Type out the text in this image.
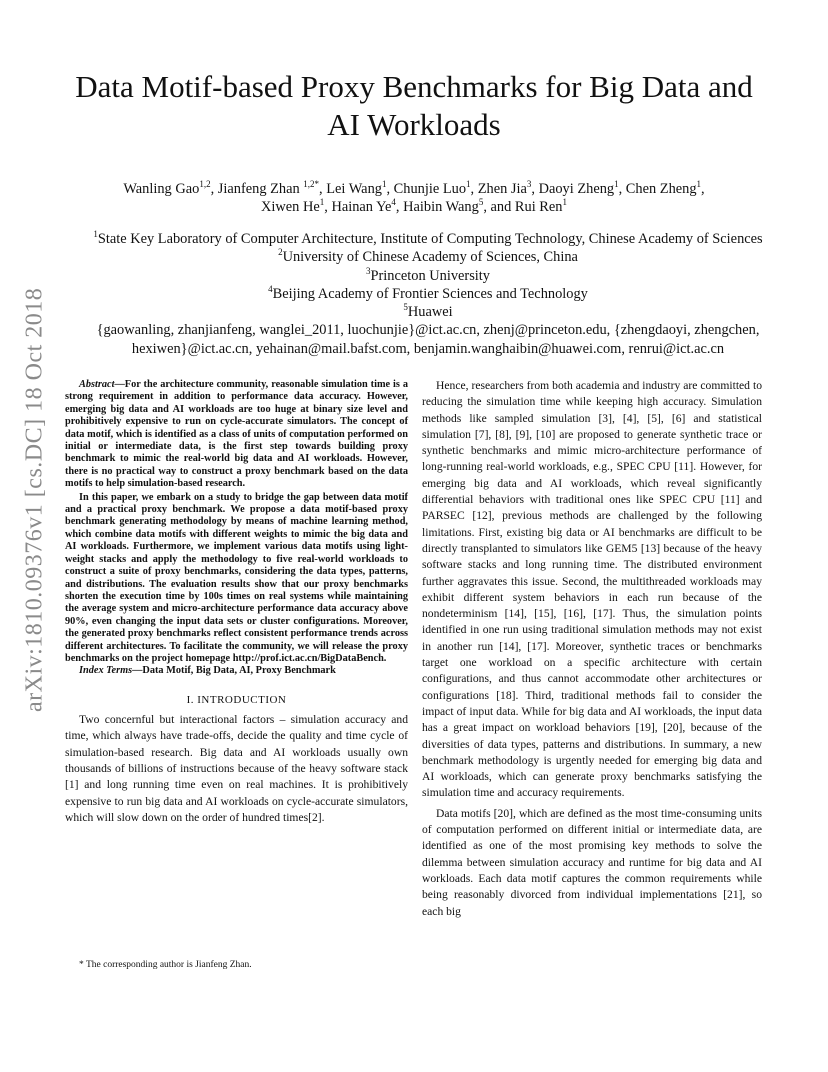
arXiv:1810.09376v1 [cs.DC] 18 Oct 2018
Data Motif-based Proxy Benchmarks for Big Data and AI Workloads
Wanling Gao$^{1,2}$, Jianfeng Zhan $^{1,2*}$, Lei Wang$^1$, Chunjie Luo$^1$, Zhen Jia$^3$, Daoyi Zheng$^1$, Chen Zheng$^1$,
Xiwen He$^1$, Hainan Ye$^4$, Haibin Wang$^5$, and Rui Ren$^1$
$^1$State Key Laboratory of Computer Architecture, Institute of Computing Technology, Chinese Academy of Sciences
$^2$University of Chinese Academy of Sciences, China
$^3$Princeton University
$^4$Beijing Academy of Frontier Sciences and Technology
$^5$Huawei
{gaowanling, zhanjianfeng, wanglei_2011, luochunjie}@ict.ac.cn, zhenj@princeton.edu, {zhengdaoyi, zhengchen,
hexiwen}@ict.ac.cn, yehainan@mail.bafst.com, benjamin.wanghaibin@huawei.com, renrui@ict.ac.cn

Abstract—For the architecture community, reasonable simulation time is a strong requirement in addition to performance data accuracy. However, emerging big data and AI workloads are too huge at binary size level and prohibitively expensive to run on cycle-accurate simulators. The concept of data motif, which is identified as a class of units of computation performed on initial or intermediate data, is the first step towards building proxy benchmark to mimic the real-world big data and AI workloads. However, there is no practical way to construct a proxy benchmark based on the data motifs to help simulation-based research.

In this paper, we embark on a study to bridge the gap between data motif and a practical proxy benchmark. We propose a data motif-based proxy benchmark generating methodology by means of machine learning method, which combine data motifs with different weights to mimic the big data and AI workloads. Furthermore, we implement various data motifs using light-weight stacks and apply the methodology to five real-world workloads to construct a suite of proxy benchmarks, considering the data types, patterns, and distributions. The evaluation results show that our proxy benchmarks shorten the execution time by 100s times on real systems while maintaining the average system and micro-architecture performance data accuracy above 90%, even changing the input data sets or cluster configurations. Moreover, the generated proxy benchmarks reflect consistent performance trends across different architectures. To facilitate the community, we will release the proxy benchmarks on the project homepage http://prof.ict.ac.cn/BigDataBench.

Index Terms—Data Motif, Big Data, AI, Proxy Benchmark
I. INTRODUCTION

Two concernful but interactional factors – simulation accuracy and time, which always have trade-offs, decide the quality and time cycle of simulation-based research. Big data and AI workloads usually own thousands of billions of instructions because of the heavy software stack [1] and long running time even on real machines. It is prohibitively expensive to run big data and AI workloads on cycle-accurate simulators, which will slow down on the order of hundred times[2].

* The corresponding author is Jianfeng Zhan.

Hence, researchers from both academia and industry are committed to reducing the simulation time while keeping high accuracy. Simulation methods like sampled simulation [3], [4], [5], [6] and statistical simulation [7], [8], [9], [10] are proposed to generate synthetic trace or synthetic benchmarks and mimic micro-architecture performance of long-running real-world workloads, e.g., SPEC CPU [11]. However, for emerging big data and AI workloads, which reveal significantly differential behaviors with traditional ones like SPEC CPU [11] and PARSEC [12], previous methods are challenged by the following limitations. First, existing big data or AI benchmarks are difficult to be directly transplanted to simulators like GEM5 [13] because of the heavy software stacks and long running time. The distributed environment further aggravates this issue. Second, the multithreaded workloads may exhibit different system behaviors in each run because of the nondeterminism [14], [15], [16], [17]. Thus, the simulation points identified in one run using traditional simulation methods may not exist in another run [14], [17]. Moreover, synthetic traces or benchmarks target one workload on a specific architecture with certain configurations, and thus cannot accommodate other architectures or configurations [18]. Third, traditional methods fail to consider the impact of input data. While for big data and AI workloads, the input data has a great impact on workload behaviors [19], [20], because of the diversities of data types, patterns and distributions. In summary, a new benchmark methodology is urgently needed for emerging big data and AI workloads, which can generate proxy benchmarks satisfying the simulation time and accuracy requirements.

Data motifs [20], which are defined as the most time-consuming units of computation performed on different initial or intermediate data, are identified as one of the most promising key methods to solve the dilemma between simulation accuracy and runtime for big data and AI workloads. Each data motif captures the common requirements while being reasonably divorced from individual implementations [21], so each big
